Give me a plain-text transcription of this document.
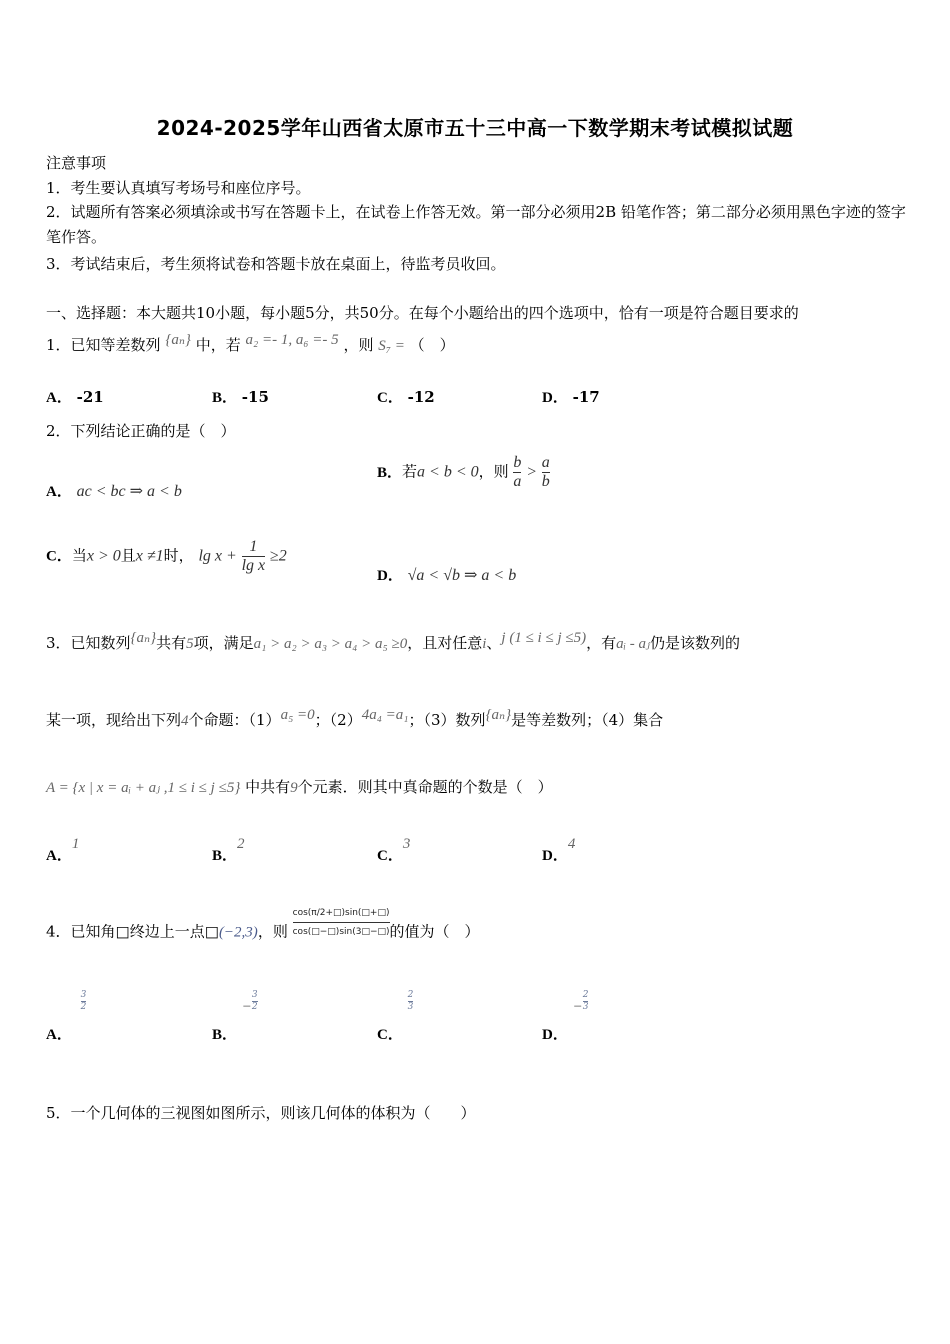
2024-2025学年山西省太原市五十三中高一下数学期末考试模拟试题
注意事项
1．考生要认真填写考场号和座位序号。
2．试题所有答案必须填涂或书写在答题卡上，在试卷上作答无效。第一部分必须用2B 铅笔作答；第二部分必须用黑色字迹的签字笔作答。
3．考试结束后，考生须将试卷和答题卡放在桌面上，待监考员收回。
一、选择题：本大题共10小题，每小题5分，共50分。在每个小题给出的四个选项中，恰有一项是符合题目要求的
1．已知等差数列 {aₙ} 中，若 a₂ =- 1, a₆ =- 5 ，则 S₇ = （　）
A． -21	B． -15	C． -12	D． -17
2．下列结论正确的是（　）
A． ac < bc ⇒ a < b
B．若a < b < 0，则 $\frac{b}{a} > \frac{a}{b}$
C．当x > 0且x ≠1时， $\lg x + \frac{1}{\text{lg x}} \ge 2$
D． √a < √b ⇒ a < b
3．已知数列{aₙ}共有5项，满足a₁ > a₂ > a₃ > a₄ > a₅ ≥0，且对任意i、j (1 ≤ i ≤ j ≤5)，有aᵢ - aⱼ仍是该数列的
某一项，现给出下列4个命题：（1）a₅ =0；（2）4a₄ =a₁；（3）数列{aₙ}是等差数列；（4）集合
A = {x | x = aᵢ + aⱼ ,1 ≤ i ≤ j ≤5} 中共有9个元素．则其中真命题的个数是（　）
A．1
B．2
C．3
D．4
4．已知角□终边上一点□(−2,3)，则 $\frac{\cos(\pi/2+□)\sin(□+□)}{\cos(□-□)\sin(3□-□)}$ 的值为（　）
A．
$\frac{3}{2}$
B． − $\frac{3}{2}$
C．
$\frac{2}{3}$
D． − $\frac{2}{3}$
5．一个几何体的三视图如图所示，则该几何体的体积为（　　）
